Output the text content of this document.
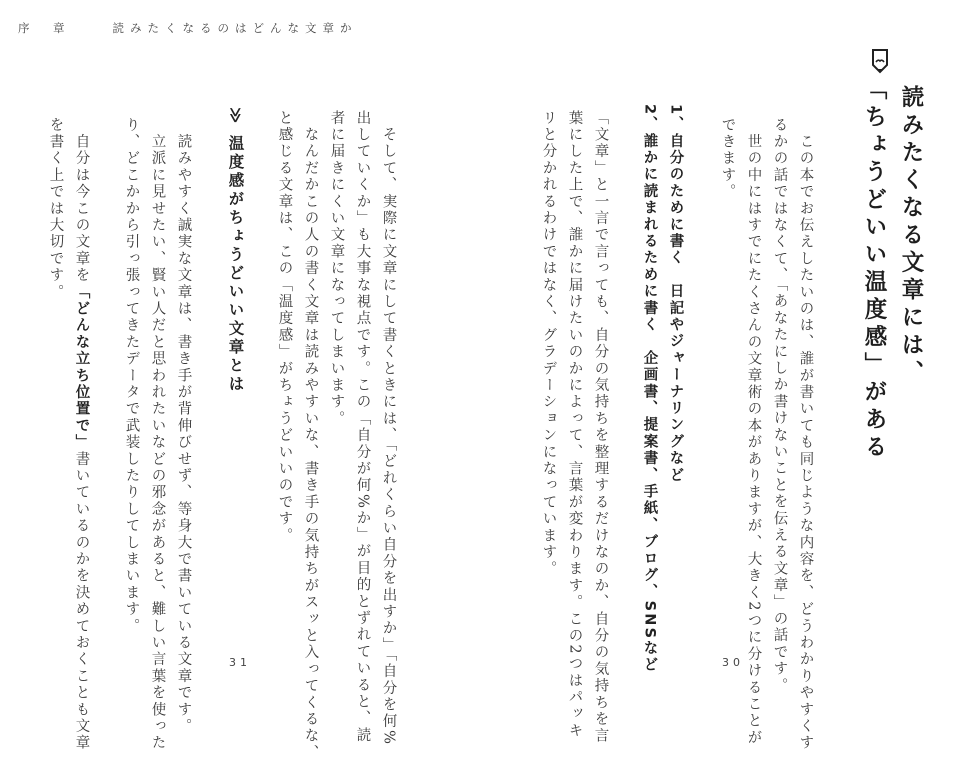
序　章	読みたくなるのはどんな文章か
読みたくなる文章には、
「ちょうどいい温度感」がある
　この本でお伝えしたいのは、誰が書いても同じような内容を、どうわかりやすくす
るかの話ではなくて、「あなたにしか書けないことを伝える文章」の話です。
　世の中にはすでにたくさんの文章術の本がありますが、大きく2つに分けることが
できます。
1、自分のために書く　日記やジャーナリングなど
2、誰かに読まれるために書く　企画書、提案書、手紙、ブログ、SNSなど
「文章」と一言で言っても、自分の気持ちを整理するだけなのか、自分の気持ちを言
葉にした上で、誰かに届けたいのかによって、言葉が変わります。この2つはパッキ
リと分かれるわけではなく、グラデーションになっています。
30
　そして、実際に文章にして書くときには、「どれくらい自分を出すか」「自分を何%
出していくか」も大事な視点です。この「自分が何%か」が目的とずれていると、読
者に届きにくい文章になってしまいます。
　なんだかこの人の書く文章は読みやすいな、書き手の気持ちがスッと入ってくるな、
と感じる文章は、この「温度感」がちょうどいいのです。
≫ 温度感がちょうどいい文章とは
　読みやすく誠実な文章は、書き手が背伸びせず、等身大で書いている文章です。
　立派に見せたい、賢い人だと思われたいなどの邪念があると、難しい言葉を使った
り、どこかから引っ張ってきたデータで武装したりしてしまいます。
　自分は今この文章を「どんな立ち位置で」書いているのかを決めておくことも文章
を書く上では大切です。
31
